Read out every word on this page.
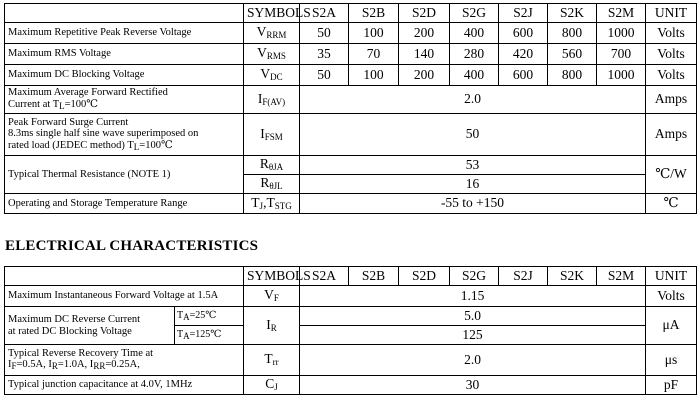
	SYMBOLS	S2A	S2B	S2D	S2G	S2J	S2K	S2M	UNIT
Maximum Repetitive Peak Reverse Voltage	$V_{RRM}$	50	100	200	400	600	800	1000	Volts
Maximum RMS Voltage	$V_{RMS}$	35	70	140	280	420	560	700	Volts
Maximum DC Blocking Voltage	$V_{DC}$	50	100	200	400	600	800	1000	Volts

Maximum Average Forward Rectified
Current at TL=100℃	$I_{F(AV)}$	2.0							Amps

Peak Forward Surge Current
8.3ms single half sine wave superimposed on
rated load (JEDEC method) TL=100℃	$I_{FSM}$	50							Amps
Typical Thermal Resistance (NOTE 1)	$R_{\theta JA}$	53							℃/W
	$R_{\theta JL}$	16							
Operating and Storage Temperature Range	$T_J,T_{STG}$	-55 to +150							℃
ELECTRICAL CHARACTERISTICS
		SYMBOLS	S2A	S2B	S2D	S2G	S2J	S2K	S2M	UNIT
Maximum Instantaneous Forward Voltage at 1.5A		$V_F$	1.15							Volts

Maximum DC Reverse Current
at rated DC Blocking Voltage	TA=25℃	$I_R$	5.0							μA
	TA=125℃		125							

Typical Reverse Recovery Time at
IF=0.5A, IR=1.0A, IRR=0.25A,		$T_{rr}$	2.0							μs
Typical junction capacitance at 4.0V, 1MHz		$C_J$	30							pF
